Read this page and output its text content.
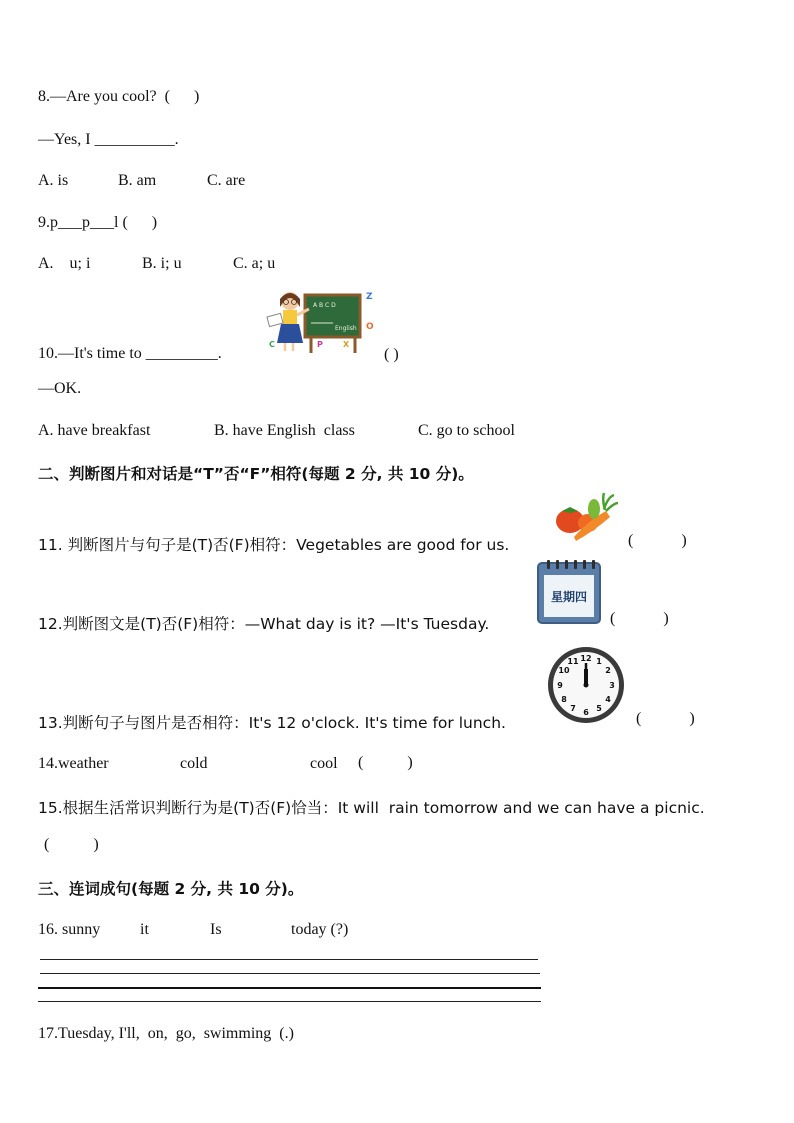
8.—Are you cool?  (      )
—Yes, I __________.
A. is	B. am	C. are
9.p___p___l (      )
A.    u; i	B. i; u	C. a; u
A B C D
English
Z
O
C	P	X
10.—It's time to _________.	( )
—OK.
A. have breakfast	B. have English  class	C. go to school
二、判断图片和对话是“T”否“F”相符(每题 2 分, 共 10 分)。
11. 判断图片与句子是(T)否(F)相符：Vegetables are good for us.	(            )
星期四
12.判断图文是(T)否(F)相符：—What day is it? —It's Tuesday.	(            )
12 1
2
3
4
5
6
7
8
9
10
11
13.判断句子与图片是否相符：It's 12 o'clock. It's time for lunch.	(            )
14.weather	cold	cool (           )
15.根据生活常识判断行为是(T)否(F)恰当：It will  rain tomorrow and we can have a picnic.
(           )
三、连词成句(每题 2 分, 共 10 分)。
16. sunny it	Is	today (?)
17.Tuesday, I'll,  on,  go,  swimming  (.)
